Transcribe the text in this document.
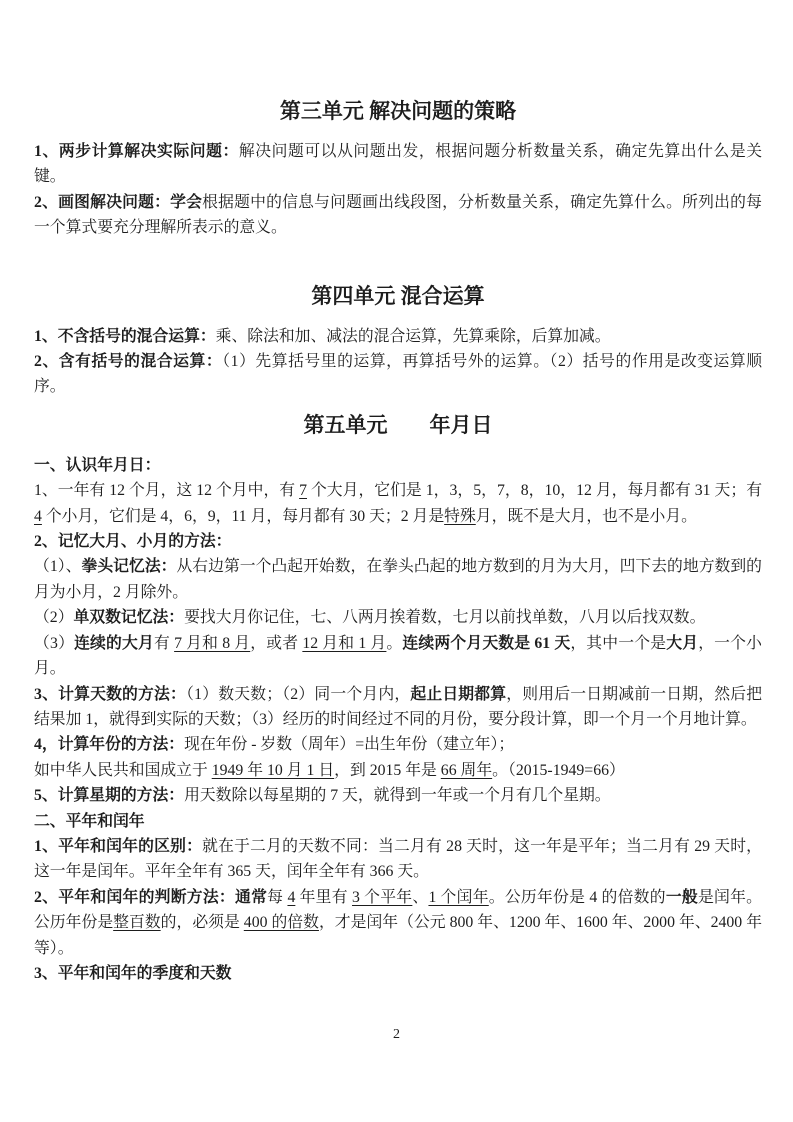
第三单元 解决问题的策略

1、两步计算解决实际问题：解决问题可以从问题出发，根据问题分析数量关系，确定先算出什么是关键。

2、画图解决问题：学会根据题中的信息与问题画出线段图，分析数量关系，确定先算什么。所列出的每一个算式要充分理解所表示的意义。

第四单元 混合运算

1、不含括号的混合运算：乘、除法和加、减法的混合运算，先算乘除，后算加减。

2、含有括号的混合运算：（1）先算括号里的运算，再算括号外的运算。（2）括号的作用是改变运算顺序。

第五单元　　年月日

一、认识年月日：

1、一年有 12 个月，这 12 个月中，有 7 个大月，它们是 1，3，5，7，8，10，12 月，每月都有 31 天；有 4 个小月，它们是 4，6，9，11 月，每月都有 30 天；2 月是特殊月，既不是大月，也不是小月。

2、记忆大月、小月的方法：

（1）、拳头记忆法：从右边第一个凸起开始数，在拳头凸起的地方数到的月为大月，凹下去的地方数到的月为小月，2 月除外。

（2）单双数记忆法：要找大月你记住，七、八两月挨着数，七月以前找单数，八月以后找双数。

（3）连续的大月有 7 月和 8 月，或者 12 月和 1 月。连续两个月天数是 61 天，其中一个是大月，一个小月。

3、计算天数的方法：（1）数天数；（2）同一个月内，起止日期都算，则用后一日期减前一日期，然后把结果加 1，就得到实际的天数；（3）经历的时间经过不同的月份，要分段计算，即一个月一个月地计算。

4，计算年份的方法：现在年份 - 岁数（周年）=出生年份（建立年）；

如中华人民共和国成立于 1949 年 10 月 1 日，到 2015 年是 66 周年。（2015-1949=66）

5、计算星期的方法：用天数除以每星期的 7 天，就得到一年或一个月有几个星期。

二、平年和闰年

1、平年和闰年的区别：就在于二月的天数不同：当二月有 28 天时，这一年是平年；当二月有 29 天时，这一年是闰年。平年全年有 365 天，闰年全年有 366 天。

2、平年和闰年的判断方法：通常每 4 年里有 3 个平年、1 个闰年。公历年份是 4 的倍数的一般是闰年。公历年份是整百数的，必须是 400 的倍数，才是闰年（公元 800 年、1200 年、1600 年、2000 年、2400 年等）。

3、平年和闰年的季度和天数

2
